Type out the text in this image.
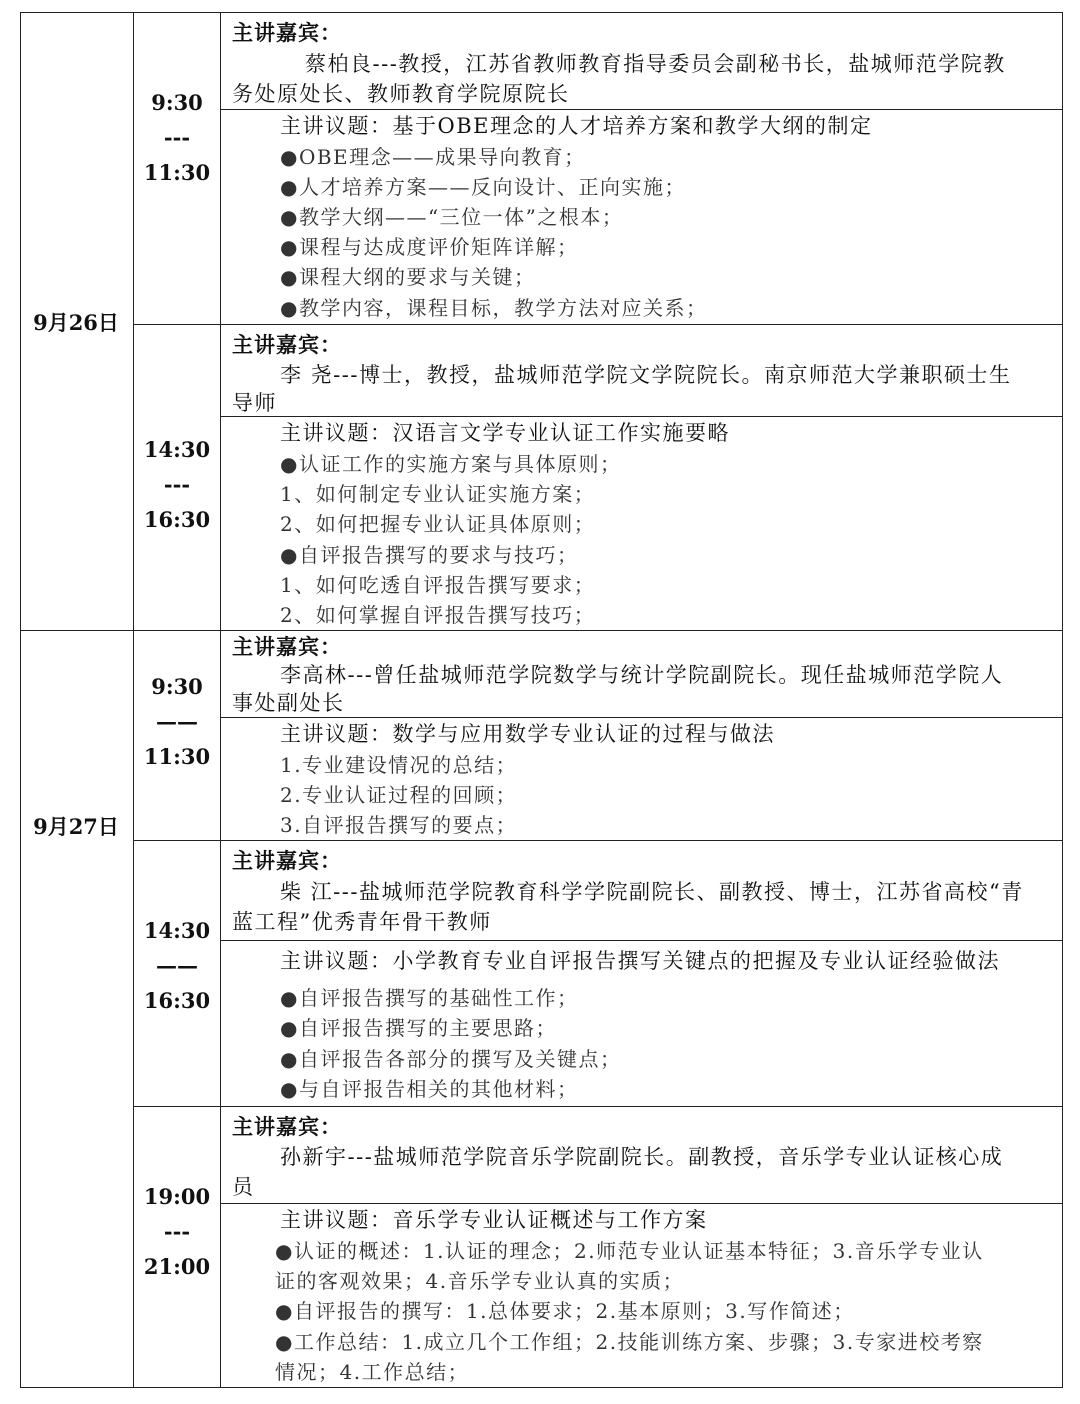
9月26日
9月27日
9:30
---
11:30
14:30
---
16:30
9:30
——
11:30
14:30
——
16:30
19:00
---
21:00
主讲嘉宾：
蔡柏良---教授，江苏省教师教育指导委员会副秘书长，盐城师范学院教
务处原处长、教师教育学院原院长
主讲议题：基于OBE理念的人才培养方案和教学大纲的制定
●OBE理念——成果导向教育；
●人才培养方案——反向设计、正向实施；
●教学大纲——“三位一体”之根本；
●课程与达成度评价矩阵详解；
●课程大纲的要求与关键；
●教学内容，课程目标，教学方法对应关系；
主讲嘉宾：
李 尧---博士，教授，盐城师范学院文学院院长。南京师范大学兼职硕士生
导师
主讲议题：汉语言文学专业认证工作实施要略
●认证工作的实施方案与具体原则；
1、如何制定专业认证实施方案；
2、如何把握专业认证具体原则；
●自评报告撰写的要求与技巧；
1、如何吃透自评报告撰写要求；
2、如何掌握自评报告撰写技巧；
主讲嘉宾：
李高林---曾任盐城师范学院数学与统计学院副院长。现任盐城师范学院人
事处副处长
主讲议题：数学与应用数学专业认证的过程与做法
1.专业建设情况的总结；
2.专业认证过程的回顾；
3.自评报告撰写的要点；
主讲嘉宾：
柴 江---盐城师范学院教育科学学院副院长、副教授、博士，江苏省高校“青
蓝工程”优秀青年骨干教师
主讲议题：小学教育专业自评报告撰写关键点的把握及专业认证经验做法
●自评报告撰写的基础性工作；
●自评报告撰写的主要思路；
●自评报告各部分的撰写及关键点；
●与自评报告相关的其他材料；
主讲嘉宾：
孙新宇---盐城师范学院音乐学院副院长。副教授，音乐学专业认证核心成
员
主讲议题：音乐学专业认证概述与工作方案
●认证的概述：1.认证的理念；2.师范专业认证基本特征；3.音乐学专业认
证的客观效果；4.音乐学专业认真的实质；
●自评报告的撰写：1.总体要求；2.基本原则；3.写作简述；
●工作总结：1.成立几个工作组；2.技能训练方案、步骤；3.专家进校考察
情况；4.工作总结；
